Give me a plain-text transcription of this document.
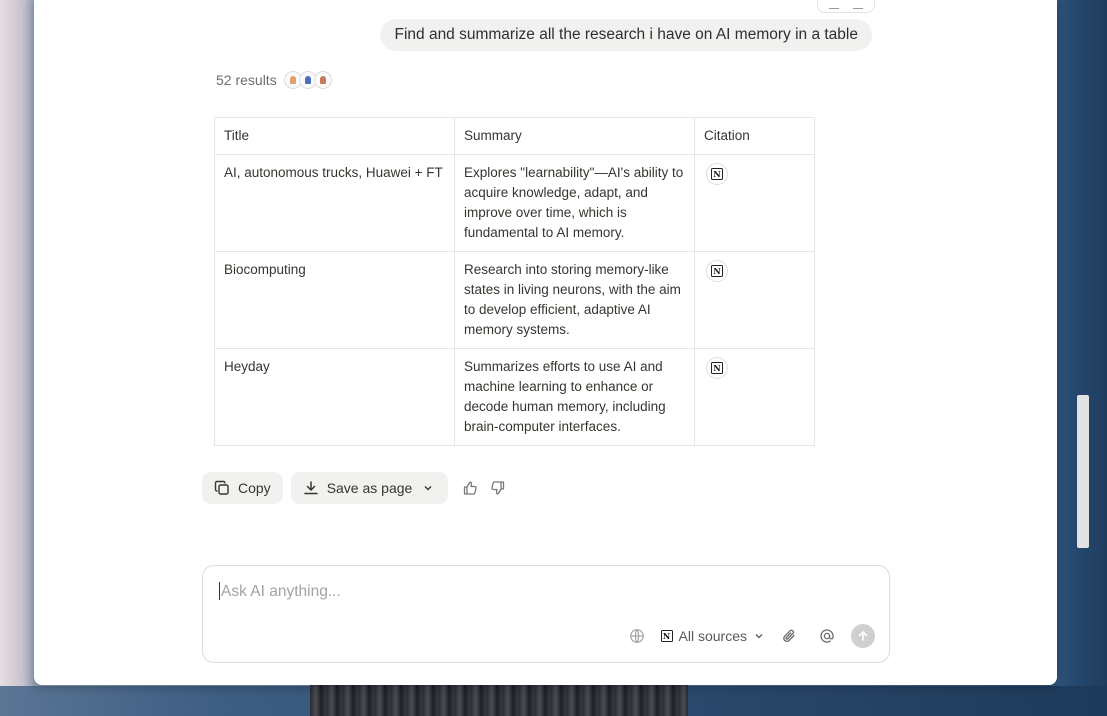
Find and summarize all the research i have on AI memory in a table
52 results
Title	Summary	Citation
AI, autonomous trucks, Huawei + FT	Explores "learnability"—AI's ability to acquire knowledge, adapt, and improve over time, which is fundamental to AI memory.	N

Biocomputing	Research into storing memory-like states in living neurons, with the aim to develop efficient, adaptive AI memory systems.	N

Heyday	Summarizes efforts to use AI and machine learning to enhance or decode human memory, including brain-computer interfaces.	N
Copy	Save as page
Ask AI anything...
N All sources
